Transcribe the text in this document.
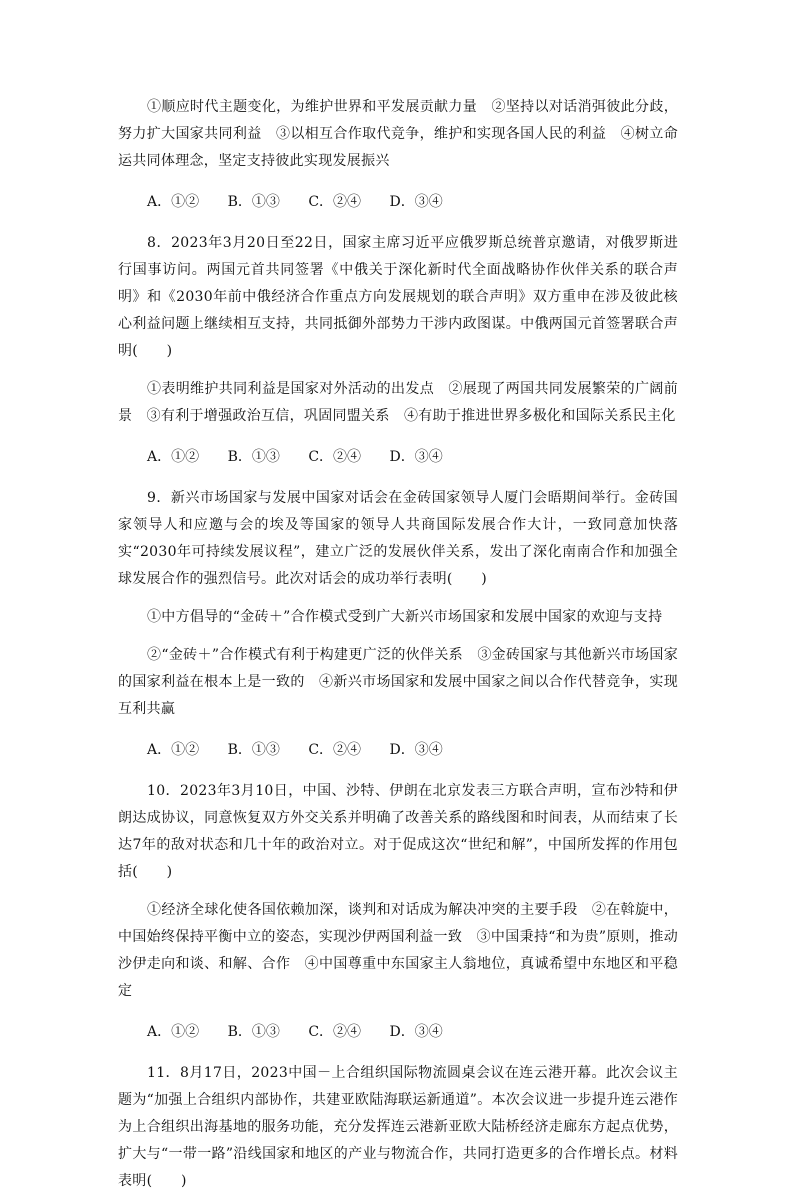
①顺应时代主题变化，为维护世界和平发展贡献力量　②坚持以对话消弭彼此分歧，努力扩大国家共同利益　③以相互合作取代竞争，维护和实现各国人民的利益　④树立命运共同体理念，坚定支持彼此实现发展振兴

A．①② B．①③ C．②④ D．③④

8．2023年3月20日至22日，国家主席习近平应俄罗斯总统普京邀请，对俄罗斯进行国事访问。两国元首共同签署《中俄关于深化新时代全面战略协作伙伴关系的联合声明》和《2030年前中俄经济合作重点方向发展规划的联合声明》双方重申在涉及彼此核心利益问题上继续相互支持，共同抵御外部势力干涉内政图谋。中俄两国元首签署联合声明(　　)

①表明维护共同利益是国家对外活动的出发点　②展现了两国共同发展繁荣的广阔前景　③有利于增强政治互信，巩固同盟关系　④有助于推进世界多极化和国际关系民主化

A．①② B．①③ C．②④ D．③④

9．新兴市场国家与发展中国家对话会在金砖国家领导人厦门会晤期间举行。金砖国家领导人和应邀与会的埃及等国家的领导人共商国际发展合作大计，一致同意加快落实“2030年可持续发展议程”，建立广泛的发展伙伴关系，发出了深化南南合作和加强全球发展合作的强烈信号。此次对话会的成功举行表明(　　)

①中方倡导的“金砖＋”合作模式受到广大新兴市场国家和发展中国家的欢迎与支持

②“金砖＋”合作模式有利于构建更广泛的伙伴关系　③金砖国家与其他新兴市场国家的国家利益在根本上是一致的　④新兴市场国家和发展中国家之间以合作代替竞争，实现互利共赢

A．①② B．①③ C．②④ D．③④

10．2023年3月10日，中国、沙特、伊朗在北京发表三方联合声明，宣布沙特和伊朗达成协议，同意恢复双方外交关系并明确了改善关系的路线图和时间表，从而结束了长达7年的敌对状态和几十年的政治对立。对于促成这次“世纪和解”，中国所发挥的作用包括(　　)

①经济全球化使各国依赖加深，谈判和对话成为解决冲突的主要手段　②在斡旋中，中国始终保持平衡中立的姿态，实现沙伊两国利益一致　③中国秉持“和为贵”原则，推动沙伊走向和谈、和解、合作　④中国尊重中东国家主人翁地位，真诚希望中东地区和平稳定

A．①② B．①③ C．②④ D．③④

11．8月17日，2023中国－上合组织国际物流圆桌会议在连云港开幕。此次会议主题为“加强上合组织内部协作，共建亚欧陆海联运新通道”。本次会议进一步提升连云港作为上合组织出海基地的服务功能，充分发挥连云港新亚欧大陆桥经济走廊东方起点优势，扩大与“一带一路”沿线国家和地区的产业与物流合作，共同打造更多的合作增长点。材料表明(　　)
